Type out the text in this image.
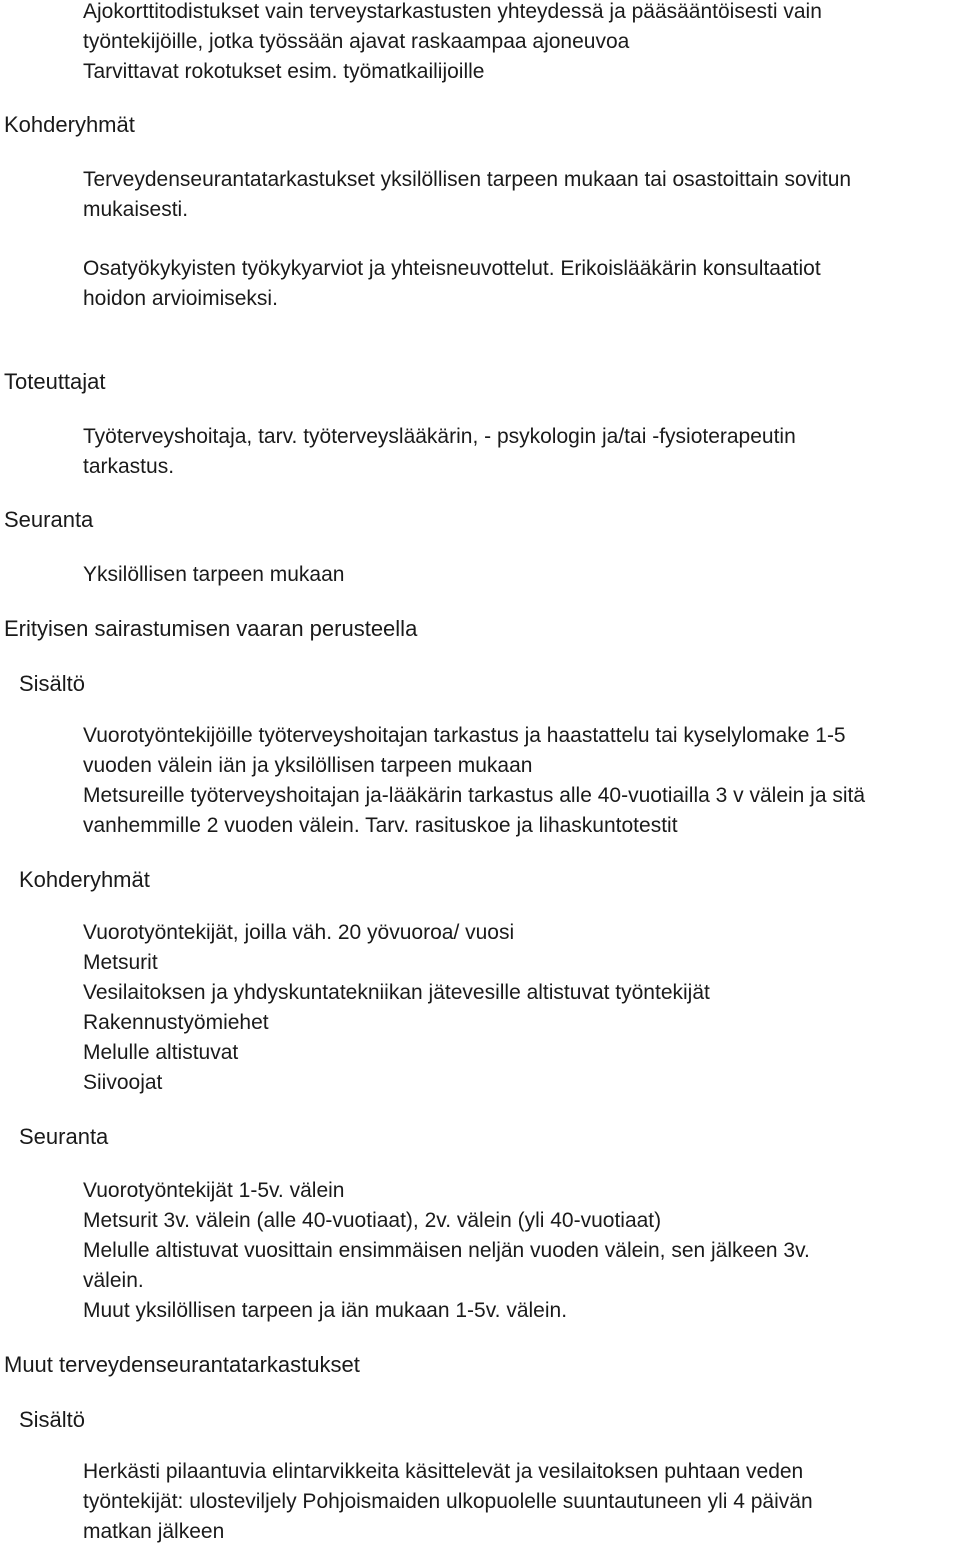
Ajokorttitodistukset vain terveystarkastusten yhteydessä ja pääsääntöisesti vain
työntekijöille, jotka työssään ajavat raskaampaa ajoneuvoa
Tarvittavat rokotukset esim. työmatkailijoille
Kohderyhmät
Terveydenseurantatarkastukset yksilöllisen tarpeen mukaan tai osastoittain sovitun
mukaisesti.
Osatyökykyisten työkykyarviot ja yhteisneuvottelut. Erikoislääkärin konsultaatiot
hoidon arvioimiseksi.
Toteuttajat
Työterveyshoitaja, tarv. työterveyslääkärin, - psykologin ja/tai -fysioterapeutin
tarkastus.
Seuranta
Yksilöllisen tarpeen mukaan
Erityisen sairastumisen vaaran perusteella
Sisältö
Vuorotyöntekijöille työterveyshoitajan tarkastus ja haastattelu tai kyselylomake 1-5
vuoden välein iän ja yksilöllisen tarpeen mukaan
Metsureille työterveyshoitajan ja-lääkärin tarkastus alle 40-vuotiailla 3 v välein ja sitä
vanhemmille 2 vuoden välein. Tarv. rasituskoe ja lihaskuntotestit
Kohderyhmät
Vuorotyöntekijät, joilla väh. 20 yövuoroa/ vuosi
Metsurit
Vesilaitoksen ja yhdyskuntatekniikan jätevesille altistuvat työntekijät
Rakennustyömiehet
Melulle altistuvat
Siivoojat
Seuranta
Vuorotyöntekijät 1-5v. välein
Metsurit 3v. välein (alle 40-vuotiaat), 2v. välein (yli 40-vuotiaat)
Melulle altistuvat vuosittain ensimmäisen neljän vuoden välein, sen jälkeen 3v.
välein.
Muut yksilöllisen tarpeen ja iän mukaan 1-5v. välein.
Muut terveydenseurantatarkastukset
Sisältö
Herkästi pilaantuvia elintarvikkeita käsittelevät ja vesilaitoksen puhtaan veden
työntekijät: ulosteviljely Pohjoismaiden ulkopuolelle suuntautuneen yli 4 päivän
matkan jälkeen
